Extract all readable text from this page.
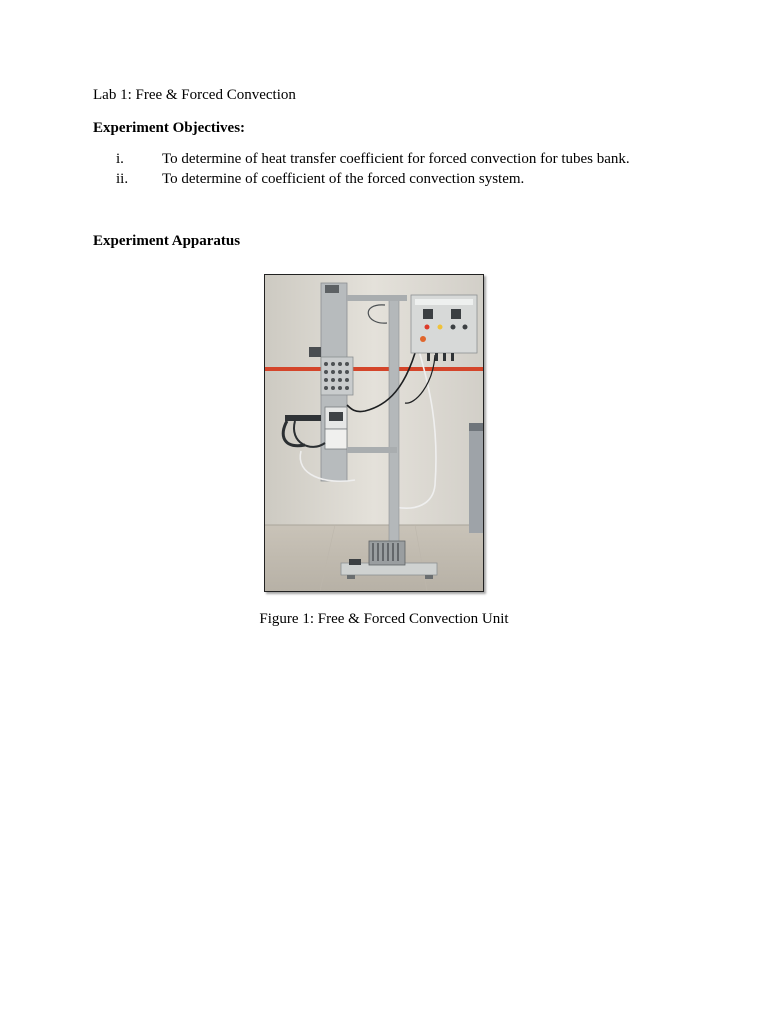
Lab 1: Free & Forced Convection
Experiment Objectives:
i.	To determine of heat transfer coefficient for forced convection for tubes bank.
ii. To determine of coefficient of the forced convection system.
Experiment Apparatus
Figure 1: Free & Forced Convection Unit
